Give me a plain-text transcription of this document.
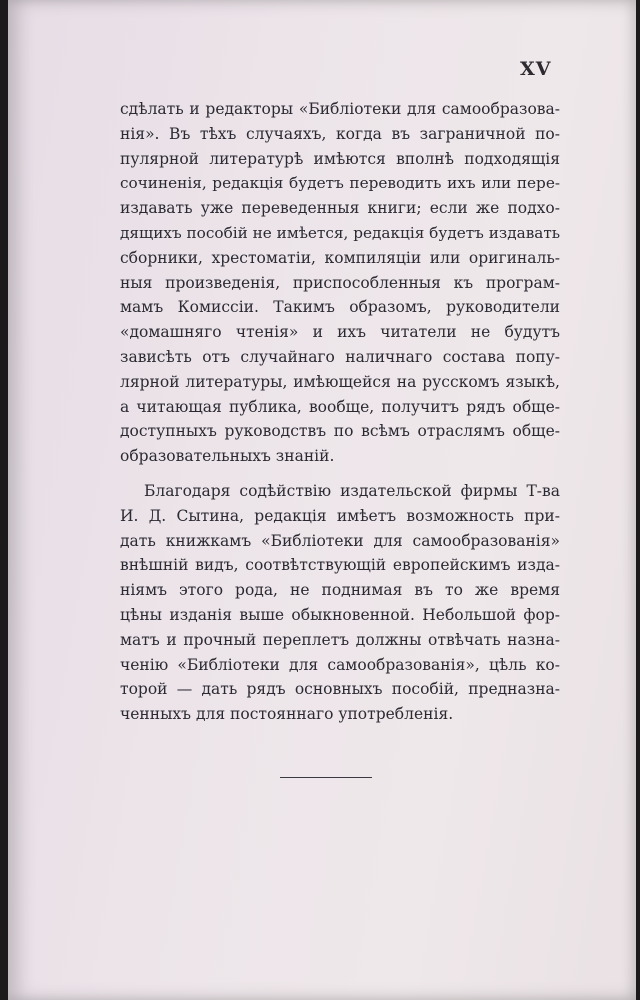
XV
сдѣлать и редакторы «Библіотеки для самообразова-
нія». Въ тѣхъ случаяхъ, когда въ заграничной по-
пулярной литературѣ имѣются вполнѣ подходящія
сочиненія, редакція будетъ переводить ихъ или пере-
издавать уже переведенныя книги; если же подхо-
дящихъ пособій не имѣется, редакція будетъ издавать
сборники, хрестоматіи, компиляціи или оригиналь-
ныя произведенія, приспособленныя къ програм-
мамъ Комиссіи. Такимъ образомъ, руководители
«домашняго чтенія» и ихъ читатели не будутъ
зависѣть отъ случайнаго наличнаго состава попу-
лярной литературы, имѣющейся на русскомъ языкѣ,
а читающая публика, вообще, получитъ рядъ обще-
доступныхъ руководствъ по всѣмъ отраслямъ обще-
образовательныхъ знаній.
Благодаря содѣйствію издательской фирмы Т-ва
И. Д. Сытина, редакція имѣетъ возможность при-
дать книжкамъ «Библіотеки для самообразованія»
внѣшній видъ, соотвѣтствующій европейскимъ изда-
ніямъ этого рода, не поднимая въ то же время
цѣны изданія выше обыкновенной. Небольшой фор-
матъ и прочный переплетъ должны отвѣчать назна-
ченію «Библіотеки для самообразованія», цѣль ко-
торой — дать рядъ основныхъ пособій, предназна-
ченныхъ для постояннаго употребленія.
